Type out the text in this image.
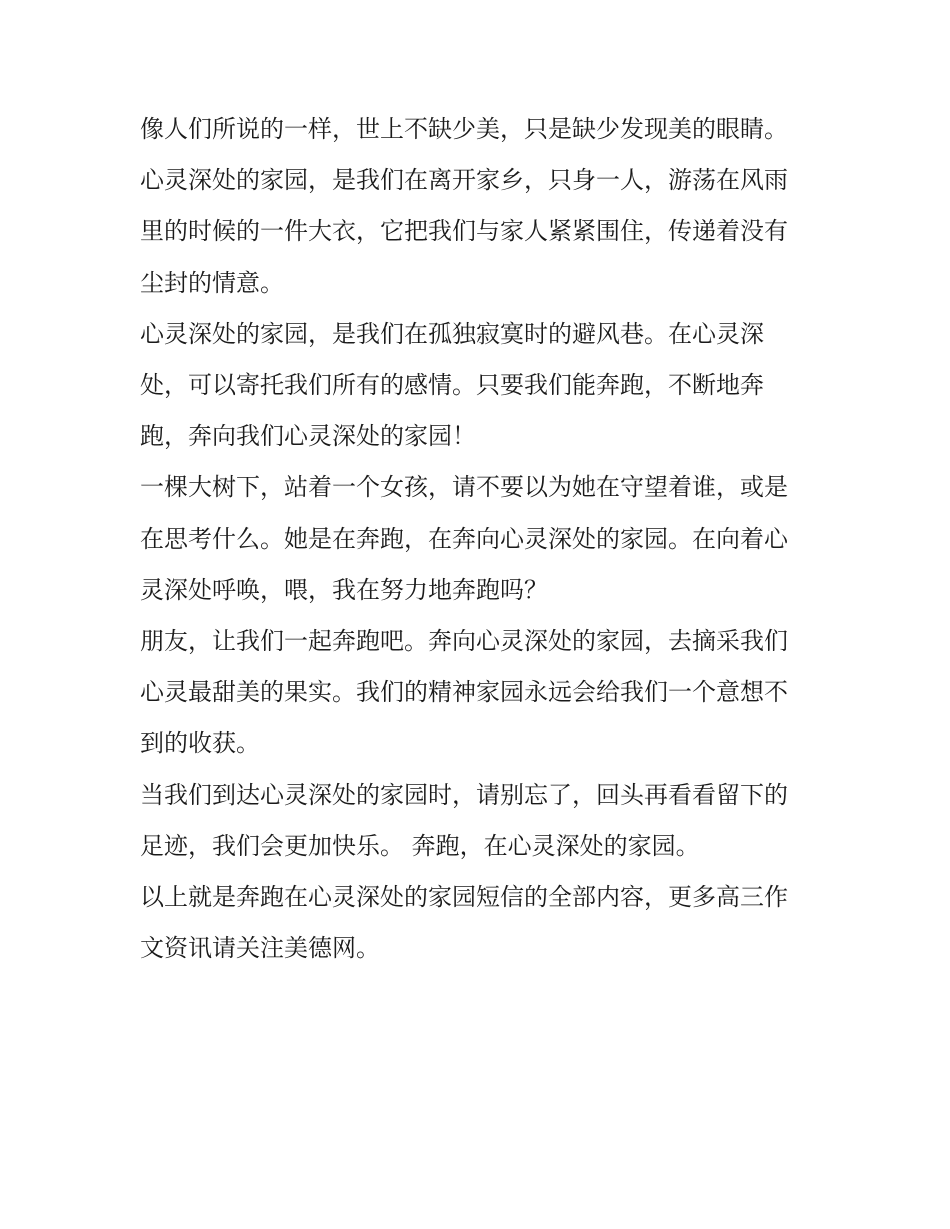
像人们所说的一样，世上不缺少美，只是缺少发现美的眼睛。

心灵深处的家园，是我们在离开家乡，只身一人，游荡在风雨

里的时候的一件大衣，它把我们与家人紧紧围住，传递着没有

尘封的情意。

心灵深处的家园，是我们在孤独寂寞时的避风巷。在心灵深

处，可以寄托我们所有的感情。只要我们能奔跑，不断地奔

跑，奔向我们心灵深处的家园！

一棵大树下，站着一个女孩，请不要以为她在守望着谁，或是

在思考什么。她是在奔跑，在奔向心灵深处的家园。在向着心

灵深处呼唤，喂，我在努力地奔跑吗？

朋友，让我们一起奔跑吧。奔向心灵深处的家园，去摘采我们

心灵最甜美的果实。我们的精神家园永远会给我们一个意想不

到的收获。

当我们到达心灵深处的家园时，请别忘了，回头再看看留下的

足迹，我们会更加快乐。 奔跑，在心灵深处的家园。

以上就是奔跑在心灵深处的家园短信的全部内容，更多高三作

文资讯请关注美德网。
